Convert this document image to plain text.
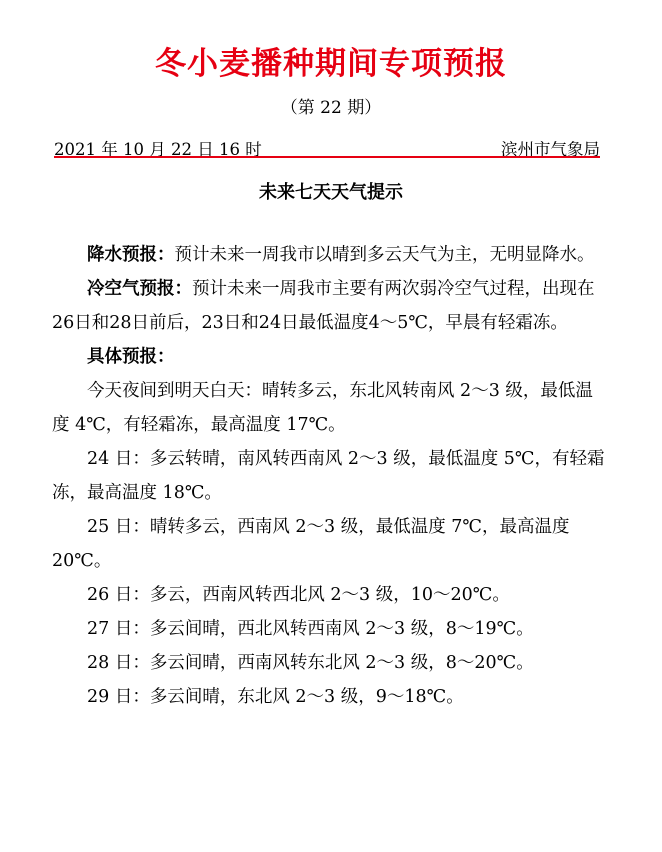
冬小麦播种期间专项预报
（第 22 期）
2021 年 10 月 22 日 16 时	滨州市气象局
未来七天天气提示

降水预报：预计未来一周我市以晴到多云天气为主，无明显降水。

冷空气预报：预计未来一周我市主要有两次弱冷空气过程，出现在26日和28日前后，23日和24日最低温度4～5℃，早晨有轻霜冻。

具体预报：

今天夜间到明天白天：晴转多云，东北风转南风 2～3 级，最低温度 4℃，有轻霜冻，最高温度 17℃。

24 日：多云转晴，南风转西南风 2～3 级，最低温度 5℃，有轻霜冻，最高温度 18℃。

25 日：晴转多云，西南风 2～3 级，最低温度 7℃，最高温度 20℃。

26 日：多云，西南风转西北风 2～3 级，10～20℃。

27 日：多云间晴，西北风转西南风 2～3 级，8～19℃。

28 日：多云间晴，西南风转东北风 2～3 级，8～20℃。

29 日：多云间晴，东北风 2～3 级，9～18℃。
